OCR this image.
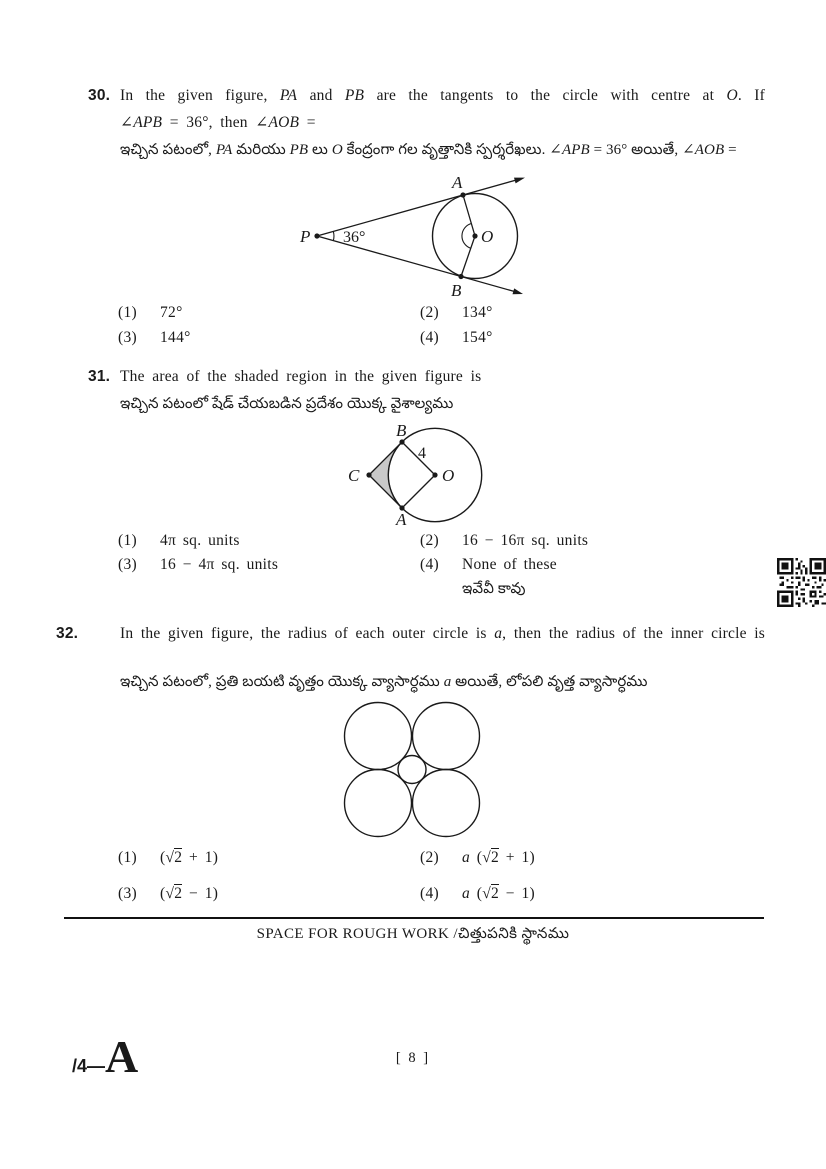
30. In the given figure, PA and PB are the tangents to the circle with centre at O. If
∠APB = 36°, then ∠AOB =
ఇచ్చిన పటంలో, PA మరియు PB లు O కేంద్రంగా గల వృత్తానికి స్పర్శరేఖలు. ∠APB = 36° అయితే, ∠AOB =
P 36°
A
B
O
(1) 72°	(2) 134°
(3) 144°	(4) 154°
31. The area of the shaded region in the given figure is
ఇచ్చిన పటంలో షేడ్ చేయబడిన ప్రదేశం యొక్క వైశాల్యము
B
C
A
O
4
(1) 4π sq. units	(2) 16 − 16π sq. units
(3) 16 − 4π sq. units	(4) None of these
ఇవేవీ కావు
32.	In the given figure, the radius of each outer circle is a, then the radius of the inner circle is
ఇచ్చిన పటంలో, ప్రతి బయటి వృత్తం యొక్క వ్యాసార్ధము a అయితే, లోపలి వృత్త వ్యాసార్ధము
(1) (√2 + 1)	(2) a (√2 + 1)
(3) (√2 − 1)	(4) a (√2 − 1)
SPACE FOR ROUGH WORK /చిత్తుపనికి స్థానము
/4— A	[ 8 ]
